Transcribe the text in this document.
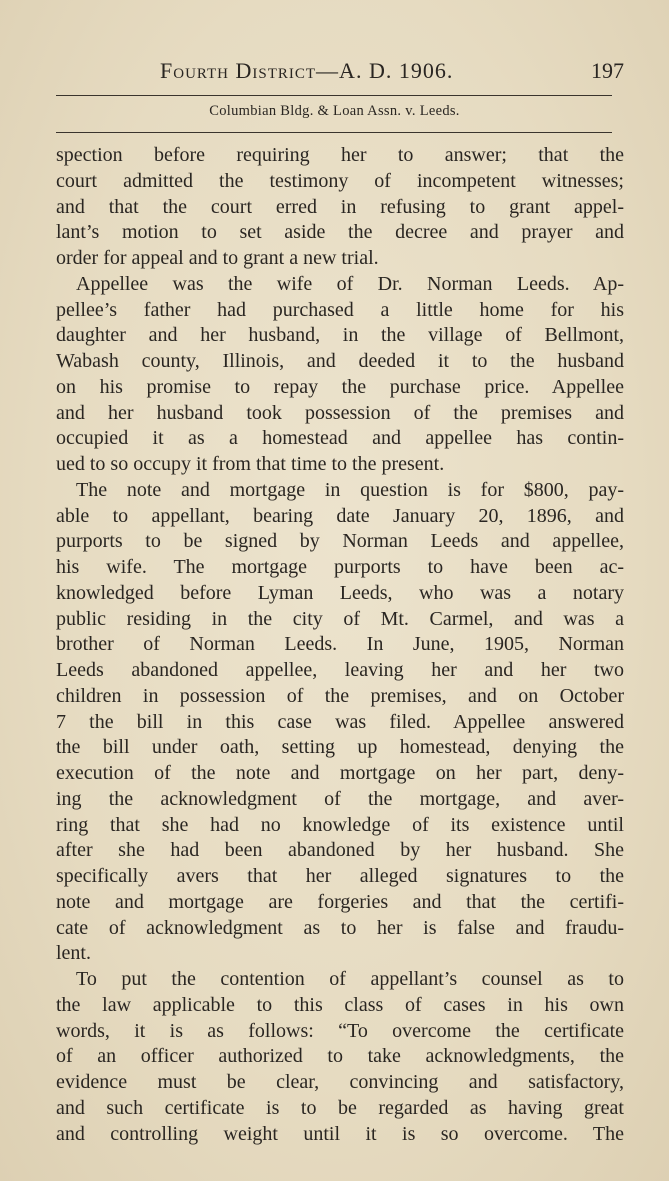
Fourth District—A. D. 1906.	197
Columbian Bldg. & Loan Assn. v. Leeds.
spection before requiring her to answer; that the
court admitted the testimony of incompetent witnesses;
and that the court erred in refusing to grant appel-
lant’s motion to set aside the decree and prayer and
order for appeal and to grant a new trial.
Appellee was the wife of Dr. Norman Leeds. Ap-
pellee’s father had purchased a little home for his
daughter and her husband, in the village of Bellmont,
Wabash county, Illinois, and deeded it to the husband
on his promise to repay the purchase price. Appellee
and her husband took possession of the premises and
occupied it as a homestead and appellee has contin-
ued to so occupy it from that time to the present.
The note and mortgage in question is for $800, pay-
able to appellant, bearing date January 20, 1896, and
purports to be signed by Norman Leeds and appellee,
his wife. The mortgage purports to have been ac-
knowledged before Lyman Leeds, who was a notary
public residing in the city of Mt. Carmel, and was a
brother of Norman Leeds. In June, 1905, Norman
Leeds abandoned appellee, leaving her and her two
children in possession of the premises, and on October
7 the bill in this case was filed. Appellee answered
the bill under oath, setting up homestead, denying the
execution of the note and mortgage on her part, deny-
ing the acknowledgment of the mortgage, and aver-
ring that she had no knowledge of its existence until
after she had been abandoned by her husband. She
specifically avers that her alleged signatures to the
note and mortgage are forgeries and that the certifi-
cate of acknowledgment as to her is false and fraudu-
lent.
To put the contention of appellant’s counsel as to
the law applicable to this class of cases in his own
words, it is as follows: “To overcome the certificate
of an officer authorized to take acknowledgments, the
evidence must be clear, convincing and satisfactory,
and such certificate is to be regarded as having great
and controlling weight until it is so overcome. The
